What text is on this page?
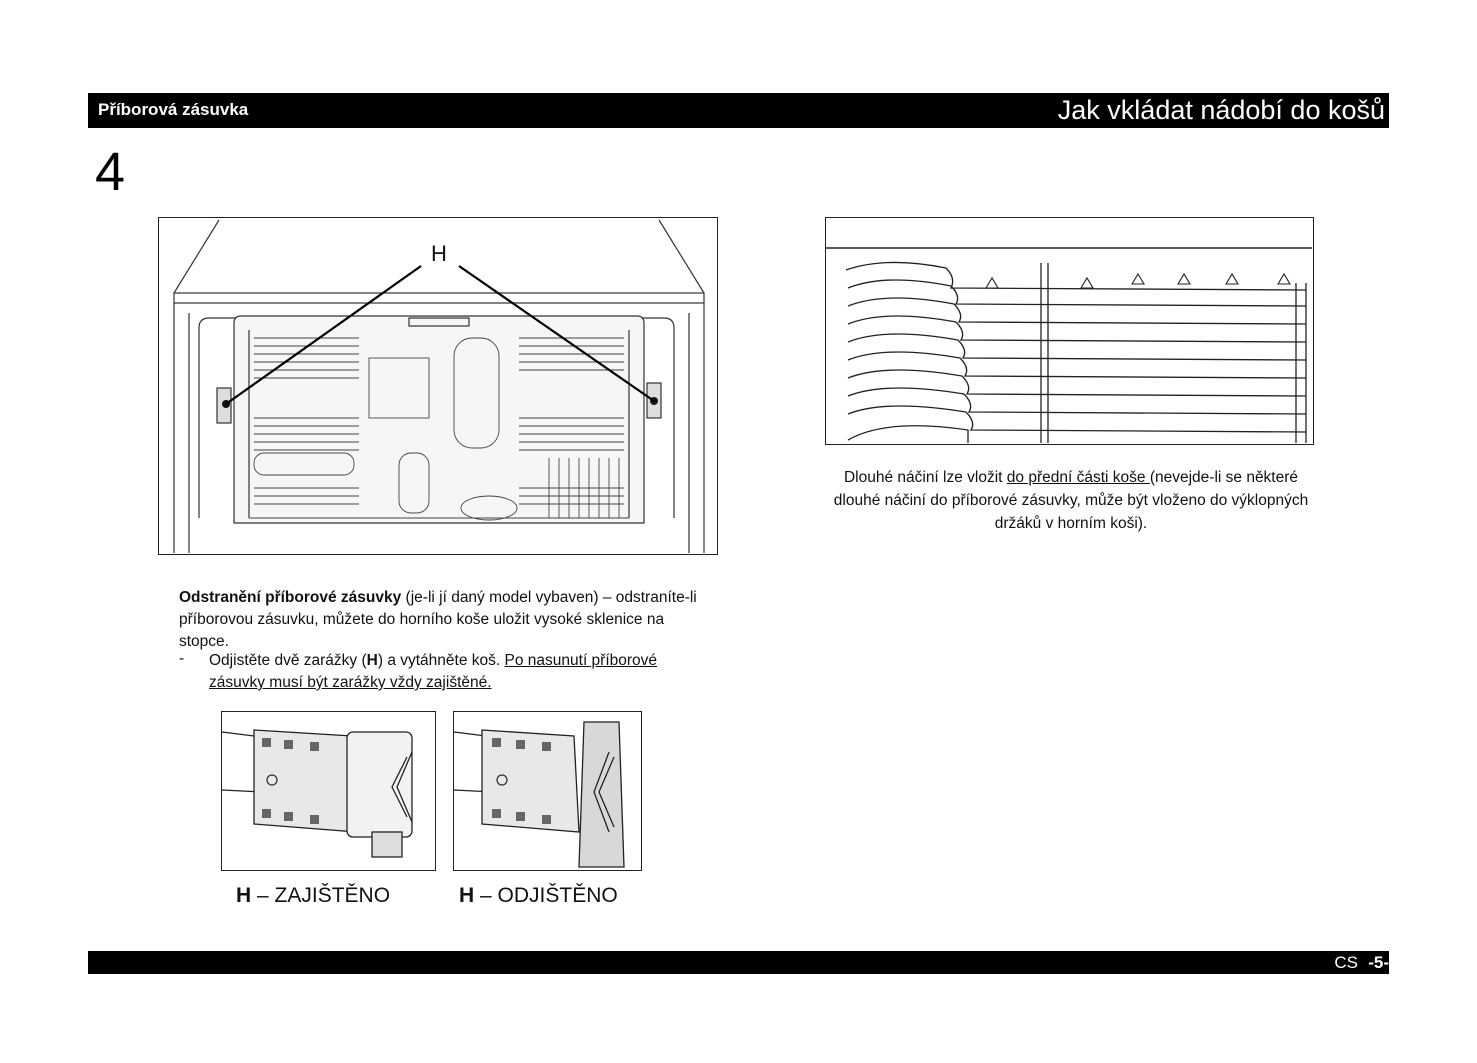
Příborová zásuvka	Jak vkládat nádobí do košů
4
H
Dlouhé náčiní lze vložit do přední části koše (nevejde-li se některé dlouhé náčiní do příborové zásuvky, může být vloženo do výklopných držáků v horním koši).
Odstranění příborové zásuvky (je-li jí daný model vybaven) – odstraníte-li příborovou zásuvku, můžete do horního koše uložit vysoké sklenice na stopce.
- Odjistěte dvě zarážky (H) a vytáhněte koš. Po nasunutí příborové zásuvky musí být zarážky vždy zajištěné.
H – ZAJIŠTĚNO	H – ODJIŠTĚNO
CS -5-
